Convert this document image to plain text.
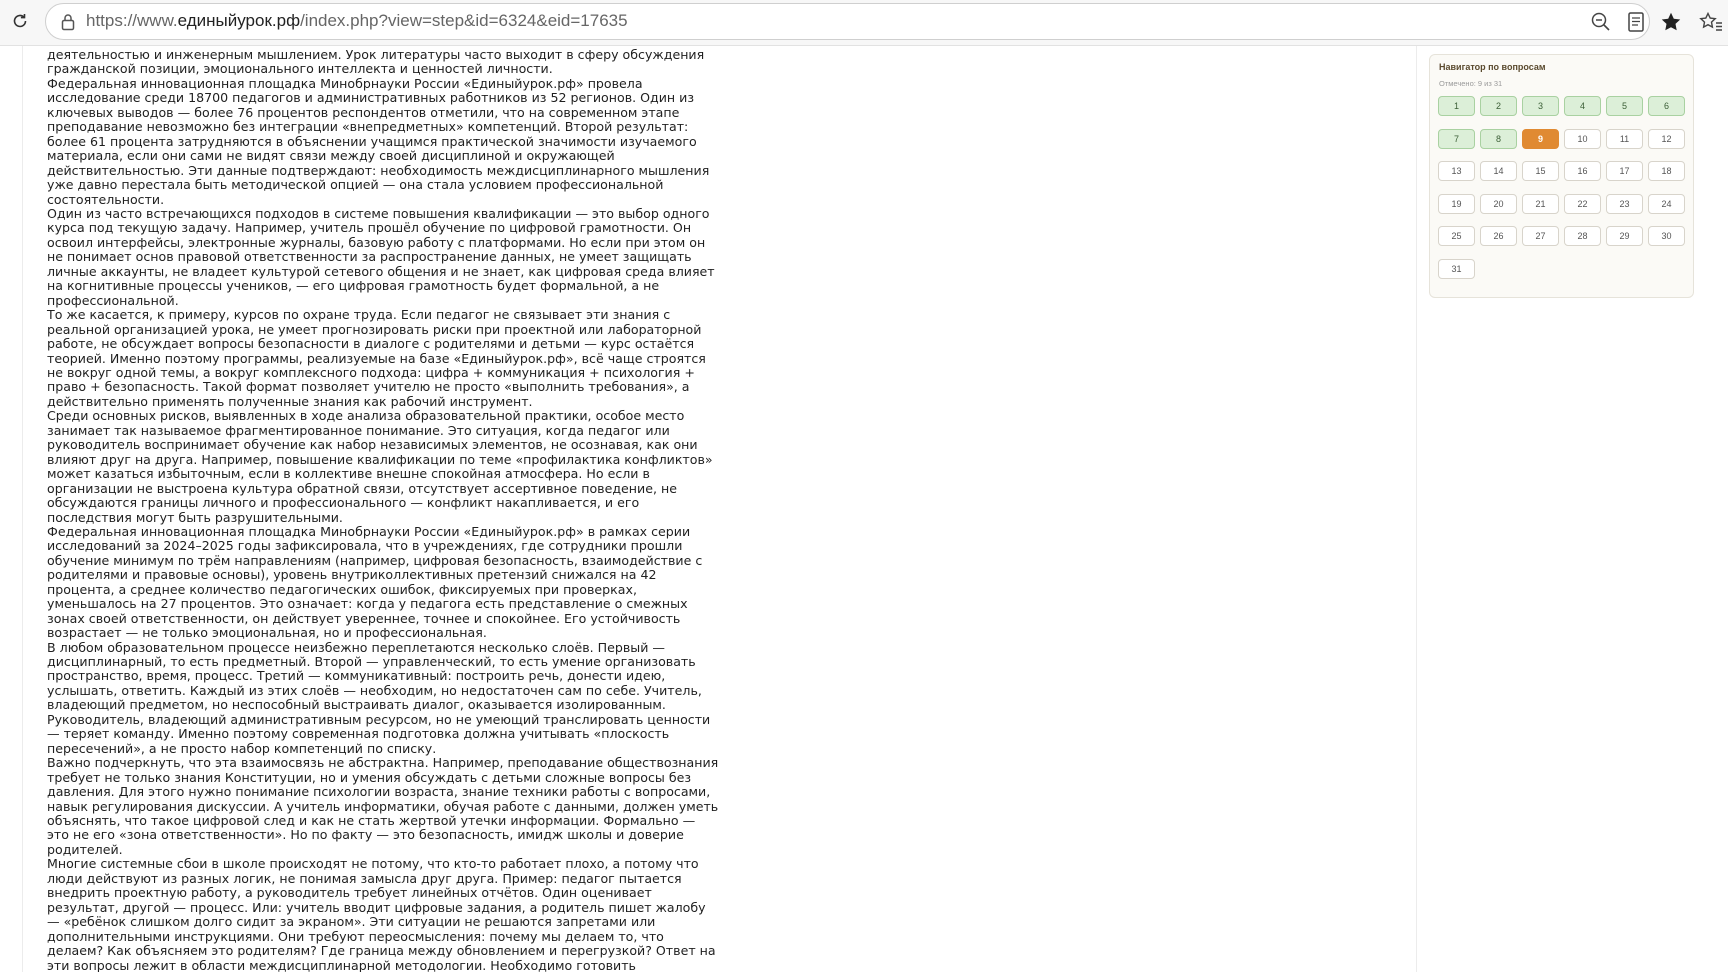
https://www.единыйурок.рф/index.php?view=step&id=6324&eid=17635

деятельностью и инженерным мышлением. Урок литературы часто выходит в сферу обсуждения гражданской позиции, эмоционального интеллекта и ценностей личности.

Федеральная инновационная площадка Минобрнауки России «Единыйурок.рф» провела исследование среди 18700 педагогов и административных работников из 52 регионов. Один из ключевых выводов — более 76 процентов респондентов отметили, что на современном этапе преподавание невозможно без интеграции «внепредметных» компетенций. Второй результат: более 61 процента затрудняются в объяснении учащимся практической значимости изучаемого материала, если они сами не видят связи между своей дисциплиной и окружающей действительностью. Эти данные подтверждают: необходимость междисциплинарного мышления уже давно перестала быть методической опцией — она стала условием профессиональной состоятельности.

Один из часто встречающихся подходов в системе повышения квалификации — это выбор одного курса под текущую задачу. Например, учитель прошёл обучение по цифровой грамотности. Он освоил интерфейсы, электронные журналы, базовую работу с платформами. Но если при этом он не понимает основ правовой ответственности за распространение данных, не умеет защищать личные аккаунты, не владеет культурой сетевого общения и не знает, как цифровая среда влияет на когнитивные процессы учеников, — его цифровая грамотность будет формальной, а не профессиональной.

То же касается, к примеру, курсов по охране труда. Если педагог не связывает эти знания с реальной организацией урока, не умеет прогнозировать риски при проектной или лабораторной работе, не обсуждает вопросы безопасности в диалоге с родителями и детьми — курс остаётся теорией. Именно поэтому программы, реализуемые на базе «Единыйурок.рф», всё чаще строятся не вокруг одной темы, а вокруг комплексного подхода: цифра + коммуникация + психология + право + безопасность. Такой формат позволяет учителю не просто «выполнить требования», а действительно применять полученные знания как рабочий инструмент.

Среди основных рисков, выявленных в ходе анализа образовательной практики, особое место занимает так называемое фрагментированное понимание. Это ситуация, когда педагог или руководитель воспринимает обучение как набор независимых элементов, не осознавая, как они влияют друг на друга. Например, повышение квалификации по теме «профилактика конфликтов» может казаться избыточным, если в коллективе внешне спокойная атмосфера. Но если в организации не выстроена культура обратной связи, отсутствует ассертивное поведение, не обсуждаются границы личного и профессионального — конфликт накапливается, и его последствия могут быть разрушительными.

Федеральная инновационная площадка Минобрнауки России «Единыйурок.рф» в рамках серии исследований за 2024–2025 годы зафиксировала, что в учреждениях, где сотрудники прошли обучение минимум по трём направлениям (например, цифровая безопасность, взаимодействие с родителями и правовые основы), уровень внутриколлективных претензий снижался на 42 процента, а среднее количество педагогических ошибок, фиксируемых при проверках, уменьшалось на 27 процентов. Это означает: когда у педагога есть представление о смежных зонах своей ответственности, он действует увереннее, точнее и спокойнее. Его устойчивость возрастает — не только эмоциональная, но и профессиональная.

В любом образовательном процессе неизбежно переплетаются несколько слоёв. Первый — дисциплинарный, то есть предметный. Второй — управленческий, то есть умение организовать пространство, время, процесс. Третий — коммуникативный: построить речь, донести идею, услышать, ответить. Каждый из этих слоёв — необходим, но недостаточен сам по себе. Учитель, владеющий предметом, но неспособный выстраивать диалог, оказывается изолированным. Руководитель, владеющий административным ресурсом, но не умеющий транслировать ценности — теряет команду. Именно поэтому современная подготовка должна учитывать «плоскость пересечений», а не просто набор компетенций по списку.

Важно подчеркнуть, что эта взаимосвязь не абстрактна. Например, преподавание обществознания требует не только знания Конституции, но и умения обсуждать с детьми сложные вопросы без давления. Для этого нужно понимание психологии возраста, знание техники работы с вопросами, навык регулирования дискуссии. А учитель информатики, обучая работе с данными, должен уметь объяснять, что такое цифровой след и как не стать жертвой утечки информации. Формально — это не его «зона ответственности». Но по факту — это безопасность, имидж школы и доверие родителей.

Многие системные сбои в школе происходят не потому, что кто-то работает плохо, а потому что люди действуют из разных логик, не понимая замысла друг друга. Пример: педагог пытается внедрить проектную работу, а руководитель требует линейных отчётов. Один оценивает результат, другой — процесс. Или: учитель вводит цифровые задания, а родитель пишет жалобу — «ребёнок слишком долго сидит за экраном». Эти ситуации не решаются запретами или дополнительными инструкциями. Они требуют переосмысления: почему мы делаем то, что делаем? Как объясняем это родителям? Где граница между обновлением и перегрузкой? Ответ на эти вопросы лежит в области междисциплинарной методологии. Необходимо готовить

Навигатор по вопросам
Отмечено: 9 из 31
1	2	3	4	5	6
7	8	9	10	11	12
13	14	15	16	17	18
19	20	21	22	23	24
25	26	27	28	29	30
31
